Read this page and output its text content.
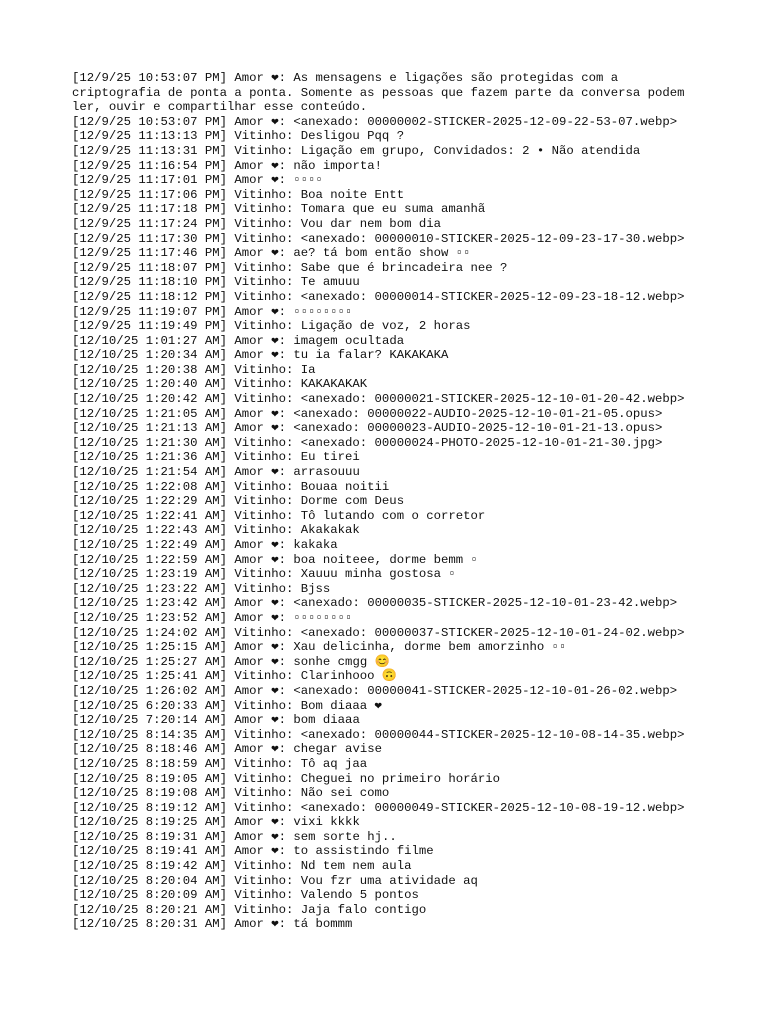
[12/9/25 10:53:07 PM] Amor ❤: As mensagens e ligações são protegidas com a criptografia de ponta a ponta. Somente as pessoas que fazem parte da conversa podem ler, ouvir e compartilhar esse conteúdo.
[12/9/25 10:53:07 PM] Amor ❤: <anexado: 00000002-STICKER-2025-12-09-22-53-07.webp>
[12/9/25 11:13:13 PM] Vitinho: Desligou Pqq ?
[12/9/25 11:13:31 PM] Vitinho: Ligação em grupo, Convidados: 2 • Não atendida
[12/9/25 11:16:54 PM] Amor ❤: não importa!
[12/9/25 11:17:01 PM] Amor ❤: ▫▫▫▫
[12/9/25 11:17:06 PM] Vitinho: Boa noite Entt
[12/9/25 11:17:18 PM] Vitinho: Tomara que eu suma amanhã
[12/9/25 11:17:24 PM] Vitinho: Vou dar nem bom dia
[12/9/25 11:17:30 PM] Vitinho: <anexado: 00000010-STICKER-2025-12-09-23-17-30.webp>
[12/9/25 11:17:46 PM] Amor ❤: ae? tá bom então show ▫▫
[12/9/25 11:18:07 PM] Vitinho: Sabe que é brincadeira nee ?
[12/9/25 11:18:10 PM] Vitinho: Te amuuu
[12/9/25 11:18:12 PM] Vitinho: <anexado: 00000014-STICKER-2025-12-09-23-18-12.webp>
[12/9/25 11:19:07 PM] Amor ❤: ▫▫▫▫▫▫▫▫
[12/9/25 11:19:49 PM] Vitinho: Ligação de voz, 2 horas
[12/10/25 1:01:27 AM] Amor ❤: imagem ocultada
[12/10/25 1:20:34 AM] Amor ❤: tu ia falar? KAKAKAKA
[12/10/25 1:20:38 AM] Vitinho: Ia
[12/10/25 1:20:40 AM] Vitinho: KAKAKAKAK
[12/10/25 1:20:42 AM] Vitinho: <anexado: 00000021-STICKER-2025-12-10-01-20-42.webp>
[12/10/25 1:21:05 AM] Amor ❤: <anexado: 00000022-AUDIO-2025-12-10-01-21-05.opus>
[12/10/25 1:21:13 AM] Amor ❤: <anexado: 00000023-AUDIO-2025-12-10-01-21-13.opus>
[12/10/25 1:21:30 AM] Vitinho: <anexado: 00000024-PHOTO-2025-12-10-01-21-30.jpg>
[12/10/25 1:21:36 AM] Vitinho: Eu tirei
[12/10/25 1:21:54 AM] Amor ❤: arrasouuu
[12/10/25 1:22:08 AM] Vitinho: Bouaa noitii
[12/10/25 1:22:29 AM] Vitinho: Dorme com Deus
[12/10/25 1:22:41 AM] Vitinho: Tô lutando com o corretor
[12/10/25 1:22:43 AM] Vitinho: Akakakak
[12/10/25 1:22:49 AM] Amor ❤: kakaka
[12/10/25 1:22:59 AM] Amor ❤: boa noiteee, dorme bemm ▫
[12/10/25 1:23:19 AM] Vitinho: Xauuu minha gostosa ▫
[12/10/25 1:23:22 AM] Vitinho: Bjss
[12/10/25 1:23:42 AM] Amor ❤: <anexado: 00000035-STICKER-2025-12-10-01-23-42.webp>
[12/10/25 1:23:52 AM] Amor ❤: ▫▫▫▫▫▫▫▫
[12/10/25 1:24:02 AM] Vitinho: <anexado: 00000037-STICKER-2025-12-10-01-24-02.webp>
[12/10/25 1:25:15 AM] Amor ❤: Xau delicinha, dorme bem amorzinho ▫▫
[12/10/25 1:25:27 AM] Amor ❤: sonhe cmgg 😊
[12/10/25 1:25:41 AM] Vitinho: Clarinhooo 🙃
[12/10/25 1:26:02 AM] Amor ❤: <anexado: 00000041-STICKER-2025-12-10-01-26-02.webp>
[12/10/25 6:20:33 AM] Vitinho: Bom diaaa ❤
[12/10/25 7:20:14 AM] Amor ❤: bom diaaa
[12/10/25 8:14:35 AM] Vitinho: <anexado: 00000044-STICKER-2025-12-10-08-14-35.webp>
[12/10/25 8:18:46 AM] Amor ❤: chegar avise
[12/10/25 8:18:59 AM] Vitinho: Tô aq jaa
[12/10/25 8:19:05 AM] Vitinho: Cheguei no primeiro horário
[12/10/25 8:19:08 AM] Vitinho: Não sei como
[12/10/25 8:19:12 AM] Vitinho: <anexado: 00000049-STICKER-2025-12-10-08-19-12.webp>
[12/10/25 8:19:25 AM] Amor ❤: vixi kkkk
[12/10/25 8:19:31 AM] Amor ❤: sem sorte hj..
[12/10/25 8:19:41 AM] Amor ❤: to assistindo filme
[12/10/25 8:19:42 AM] Vitinho: Nd tem nem aula
[12/10/25 8:20:04 AM] Vitinho: Vou fzr uma atividade aq
[12/10/25 8:20:09 AM] Vitinho: Valendo 5 pontos
[12/10/25 8:20:21 AM] Vitinho: Jaja falo contigo
[12/10/25 8:20:31 AM] Amor ❤: tá bommm
